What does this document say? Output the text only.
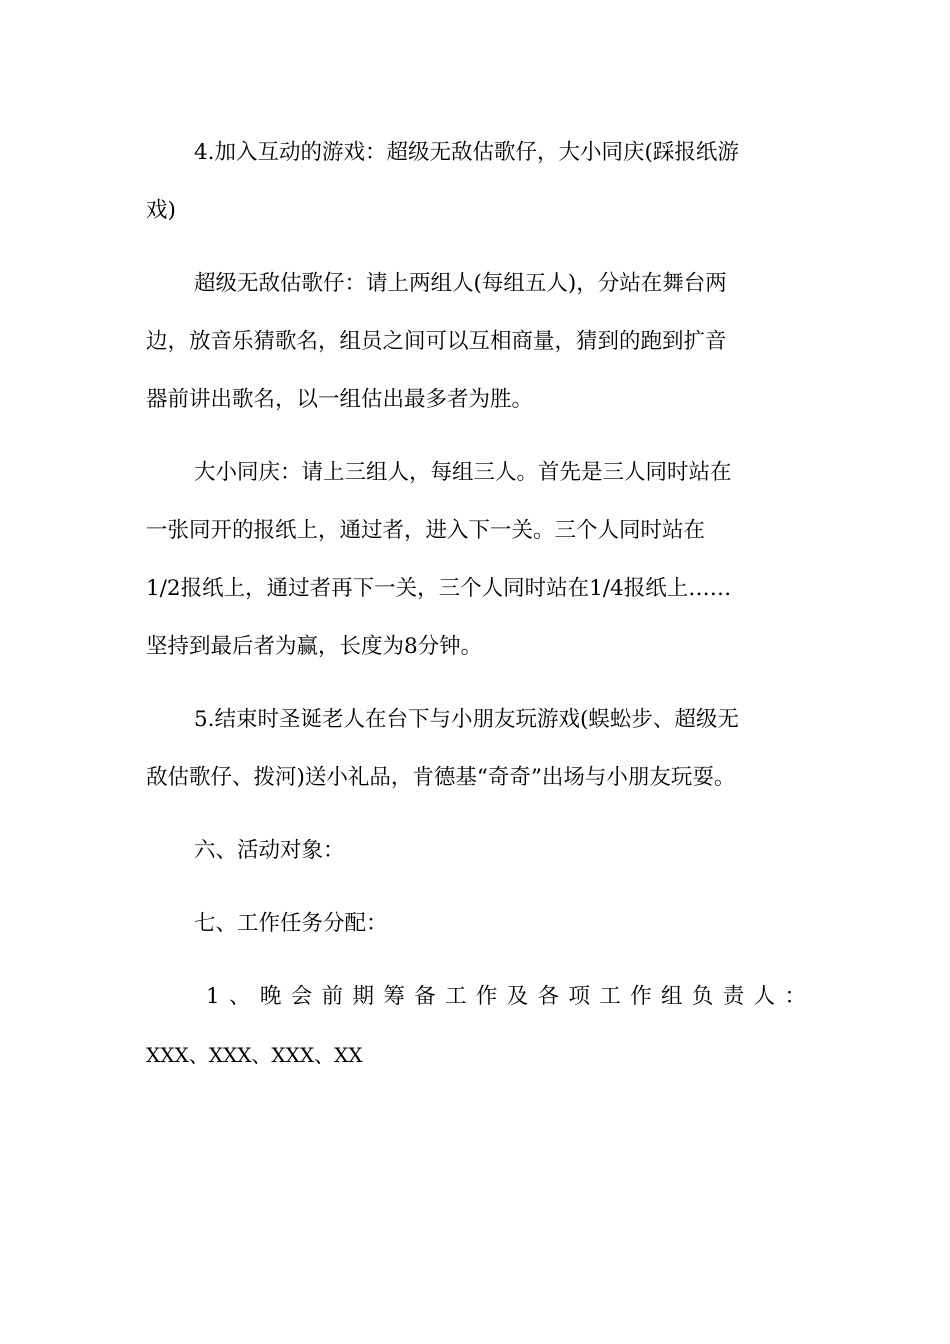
4.加入互动的游戏：超级无敌估歌仔，大小同庆(踩报纸游
戏)
超级无敌估歌仔：请上两组人(每组五人)，分站在舞台两
边，放音乐猜歌名，组员之间可以互相商量，猜到的跑到扩音
器前讲出歌名，以一组估出最多者为胜。
大小同庆：请上三组人，每组三人。首先是三人同时站在
一张同开的报纸上，通过者，进入下一关。三个人同时站在
1/2报纸上，通过者再下一关，三个人同时站在1/4报纸上……
坚持到最后者为赢，长度为8分钟。
5.结束时圣诞老人在台下与小朋友玩游戏(蜈蚣步、超级无
敌估歌仔、拨河)送小礼品，肯德基“奇奇”出场与小朋友玩耍。
六、活动对象：
七、工作任务分配：
1、晚会前期筹备工作及各项工作组负责人：
XXX、XXX、XXX、XX
